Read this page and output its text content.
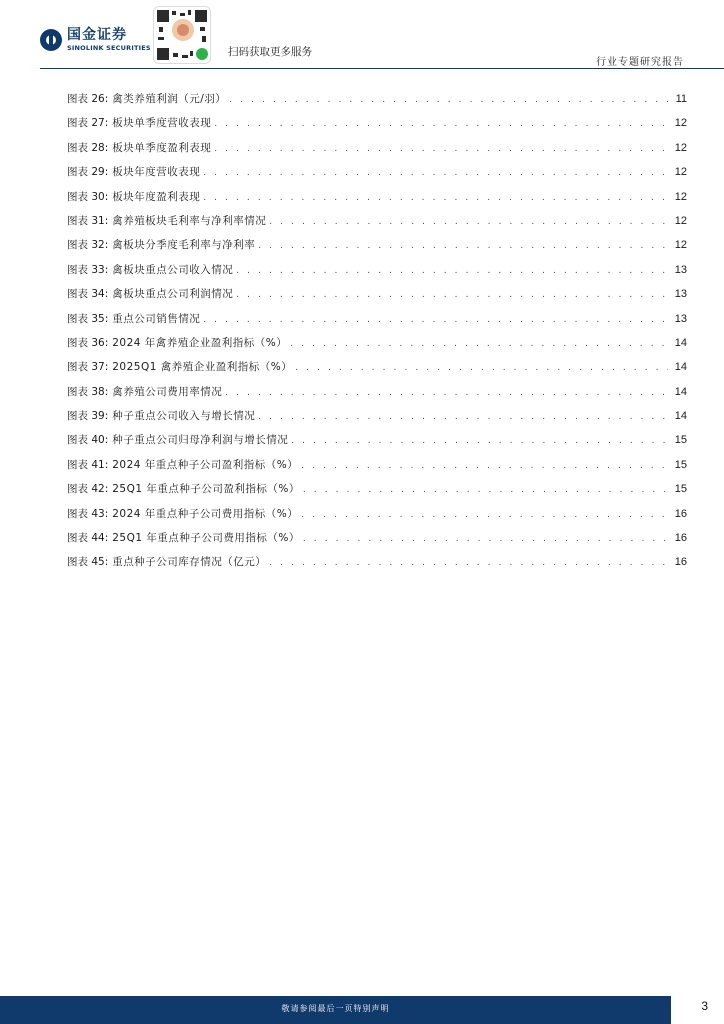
国金证券
SINOLINK SECURITIES	扫码获取更多服务
行业专题研究报告
图表 26: 禽类养殖利润（元/羽） . . .	11
图表 27: 板块单季度营收表现 . . .	12
图表 28: 板块单季度盈利表现 . . .	12
图表 29: 板块年度营收表现 . . .	12
图表 30: 板块年度盈利表现 . . .	12
图表 31: 禽养殖板块毛利率与净利率情况 . . .	12
图表 32: 禽板块分季度毛利率与净利率 . . .	12
图表 33: 禽板块重点公司收入情况 . . .	13
图表 34: 禽板块重点公司利润情况 . . .	13
图表 35: 重点公司销售情况 . . .	13
图表 36: 2024 年禽养殖企业盈利指标（%） . . .	14
图表 37: 2025Q1 禽养殖企业盈利指标（%） . . .	14
图表 38: 禽养殖公司费用率情况 . . .	14
图表 39: 种子重点公司收入与增长情况 . . .	14
图表 40: 种子重点公司归母净利润与增长情况 . . .	15
图表 41: 2024 年重点种子公司盈利指标（%） . . .	15
图表 42: 25Q1 年重点种子公司盈利指标（%） . . .	15
图表 43: 2024 年重点种子公司费用指标（%） . . .	16
图表 44: 25Q1 年重点种子公司费用指标（%） . . .	16
图表 45: 重点种子公司库存情况（亿元） . . .	16
敬请参阅最后一页特别声明	3
